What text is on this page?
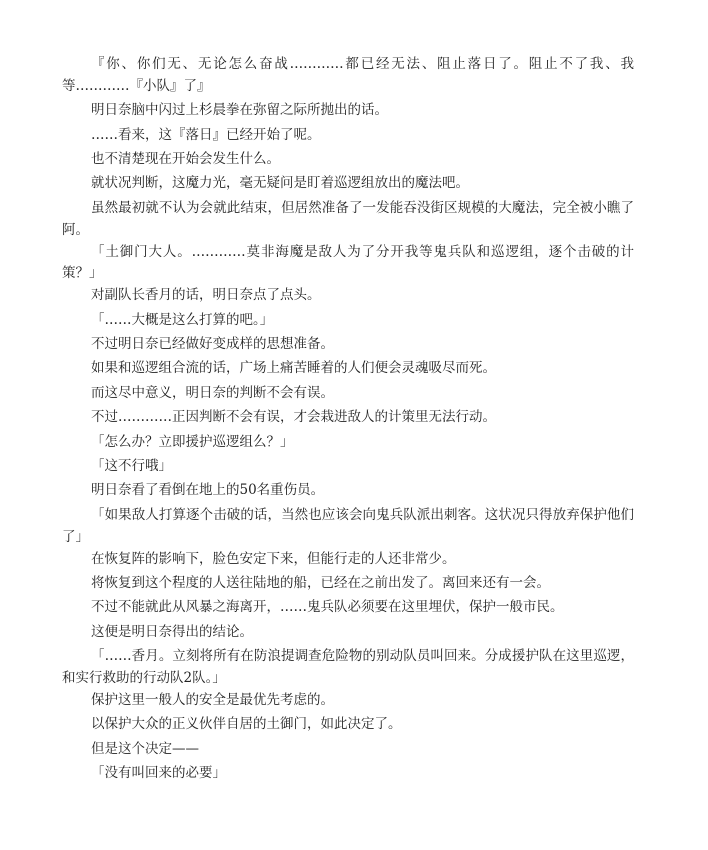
『你、你们无、无论怎么奋战…………都已经无法、阻止落日了。阻止不了我、我等…………『小队』了』

明日奈脑中闪过上杉晨拳在弥留之际所抛出的话。

……看来，这『落日』已经开始了呢。

也不清楚现在开始会发生什么。

就状况判断，这魔力光，毫无疑问是盯着巡逻组放出的魔法吧。

虽然最初就不认为会就此结束，但居然准备了一发能吞没街区规模的大魔法，完全被小瞧了阿。

「土御门大人。…………莫非海魔是敌人为了分开我等鬼兵队和巡逻组，逐个击破的计策？」

对副队长香月的话，明日奈点了点头。

「……大概是这么打算的吧。」

不过明日奈已经做好变成样的思想准备。

如果和巡逻组合流的话，广场上痛苦睡着的人们便会灵魂吸尽而死。

而这尽中意义，明日奈的判断不会有误。

不过…………正因判断不会有误，才会栽进敌人的计策里无法行动。

「怎么办？立即援护巡逻组么？」

「这不行哦」

明日奈看了看倒在地上的50名重伤员。

「如果敌人打算逐个击破的话，当然也应该会向鬼兵队派出刺客。这状况只得放弃保护他们了」

在恢复阵的影响下，脸色安定下来，但能行走的人还非常少。

将恢复到这个程度的人送往陆地的船，已经在之前出发了。离回来还有一会。

不过不能就此从风暴之海离开，……鬼兵队必须要在这里埋伏，保护一般市民。

这便是明日奈得出的结论。

「……香月。立刻将所有在防浪提调查危险物的别动队员叫回来。分成援护队在这里巡逻，和实行救助的行动队2队。」

保护这里一般人的安全是最优先考虑的。

以保护大众的正义伙伴自居的土御门，如此决定了。

但是这个决定——

「没有叫回来的必要」
